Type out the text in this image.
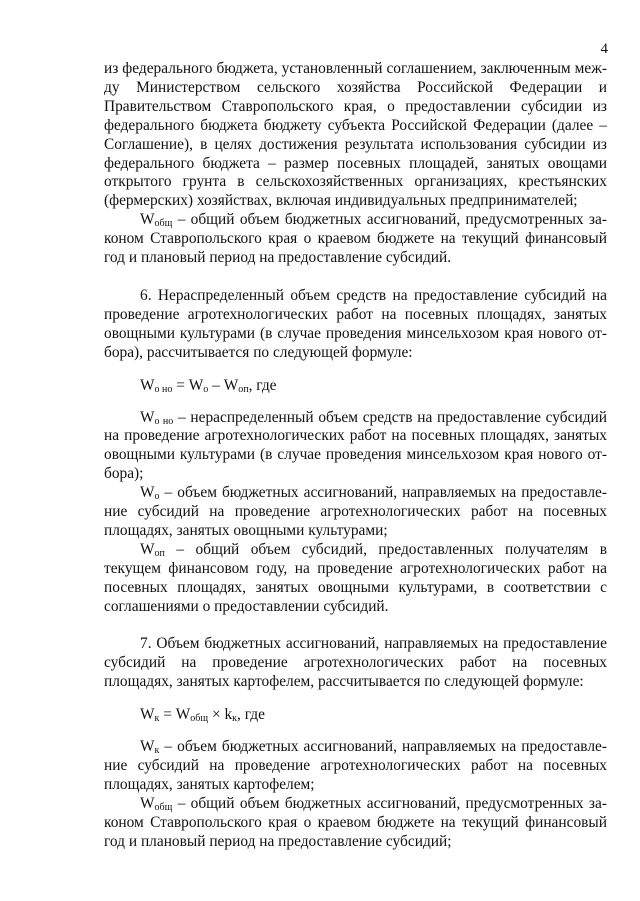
4

из федерального бюджета, установленный соглашением, заключенным между Министерством сельского хозяйства Российской Федерации и Правительством Ставропольского края, о предоставлении субсидии из федерального бюджета бюджету субъекта Российской Федерации (далее – Соглашение), в целях достижения результата использования субсидии из федерального бюджета – размер посевных площадей, занятых овощами открытого грунта в сельскохозяйственных организациях, крестьянских (фермерских) хозяйствах, включая индивидуальных предпринимателей;

$W_{общ}$ – общий объем бюджетных ассигнований, предусмотренных законом Ставропольского края о краевом бюджете на текущий финансовый год и плановый период на предоставление субсидий.

6. Нераспределенный объем средств на предоставление субсидий на проведение агротехнологических работ на посевных площадях, занятых овощными культурами (в случае проведения минсельхозом края нового отбора), рассчитывается по следующей формуле:

$W_{о но} = W_о - W_{оп}$, где

$W_{о но}$ – нераспределенный объем средств на предоставление субсидий на проведение агротехнологических работ на посевных площадях, занятых овощными культурами (в случае проведения минсельхозом края нового отбора);

$W_о$ – объем бюджетных ассигнований, направляемых на предоставление субсидий на проведение агротехнологических работ на посевных площадях, занятых овощными культурами;

$W_{оп}$ – общий объем субсидий, предоставленных получателям в текущем финансовом году, на проведение агротехнологических работ на посевных площадях, занятых овощными культурами, в соответствии с соглашениями о предоставлении субсидий.

7. Объем бюджетных ассигнований, направляемых на предоставление субсидий на проведение агротехнологических работ на посевных площадях, занятых картофелем, рассчитывается по следующей формуле:

$W_к = W_{общ} \times k_к$, где

$W_к$ – объем бюджетных ассигнований, направляемых на предоставление субсидий на проведение агротехнологических работ на посевных площадях, занятых картофелем;

$W_{общ}$ – общий объем бюджетных ассигнований, предусмотренных законом Ставропольского края о краевом бюджете на текущий финансовый год и плановый период на предоставление субсидий;
